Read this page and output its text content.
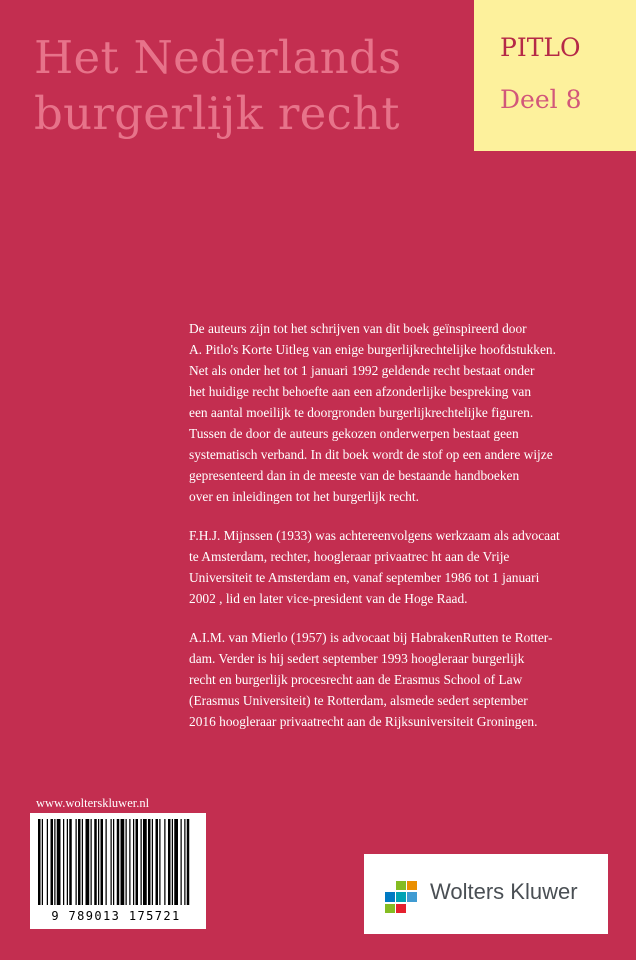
Het Nederlands
burgerlijk recht
PITLO
Deel 8

De auteurs zijn tot het schrijven van dit boek geïnspireerd door
A. Pitlo's Korte Uitleg van enige burgerlijkrechtelijke hoofdstukken.
Net als onder het tot 1 januari 1992 geldende recht bestaat onder
het huidige recht behoefte aan een afzonderlijke bespreking van
een aantal moeilijk te doorgronden burgerlijkrechtelijke figuren.
Tussen de door de auteurs gekozen onderwerpen bestaat geen
systematisch verband. In dit boek wordt de stof op een andere wijze
gepresenteerd dan in de meeste van de bestaande handboeken
over en inleidingen tot het burgerlijk recht.

F.H.J. Mijnssen (1933) was achtereenvolgens werkzaam als advocaat
te Amsterdam, rechter, hoogleraar privaatrec ht aan de Vrije
Universiteit te Amsterdam en, vanaf september 1986 tot 1 januari
2002 , lid en later vice-president van de Hoge Raad.

A.I.M. van Mierlo (1957) is advocaat bij HabrakenRutten te Rotter-
dam. Verder is hij sedert september 1993 hoogleraar burgerlijk
recht en burgerlijk procesrecht aan de Erasmus School of Law
(Erasmus Universiteit) te Rotterdam, alsmede sedert september
2016 hoogleraar privaatrecht aan de Rijksuniversiteit Groningen.

www.wolterskluwer.nl
9 789013 175721
Wolters Kluwer
